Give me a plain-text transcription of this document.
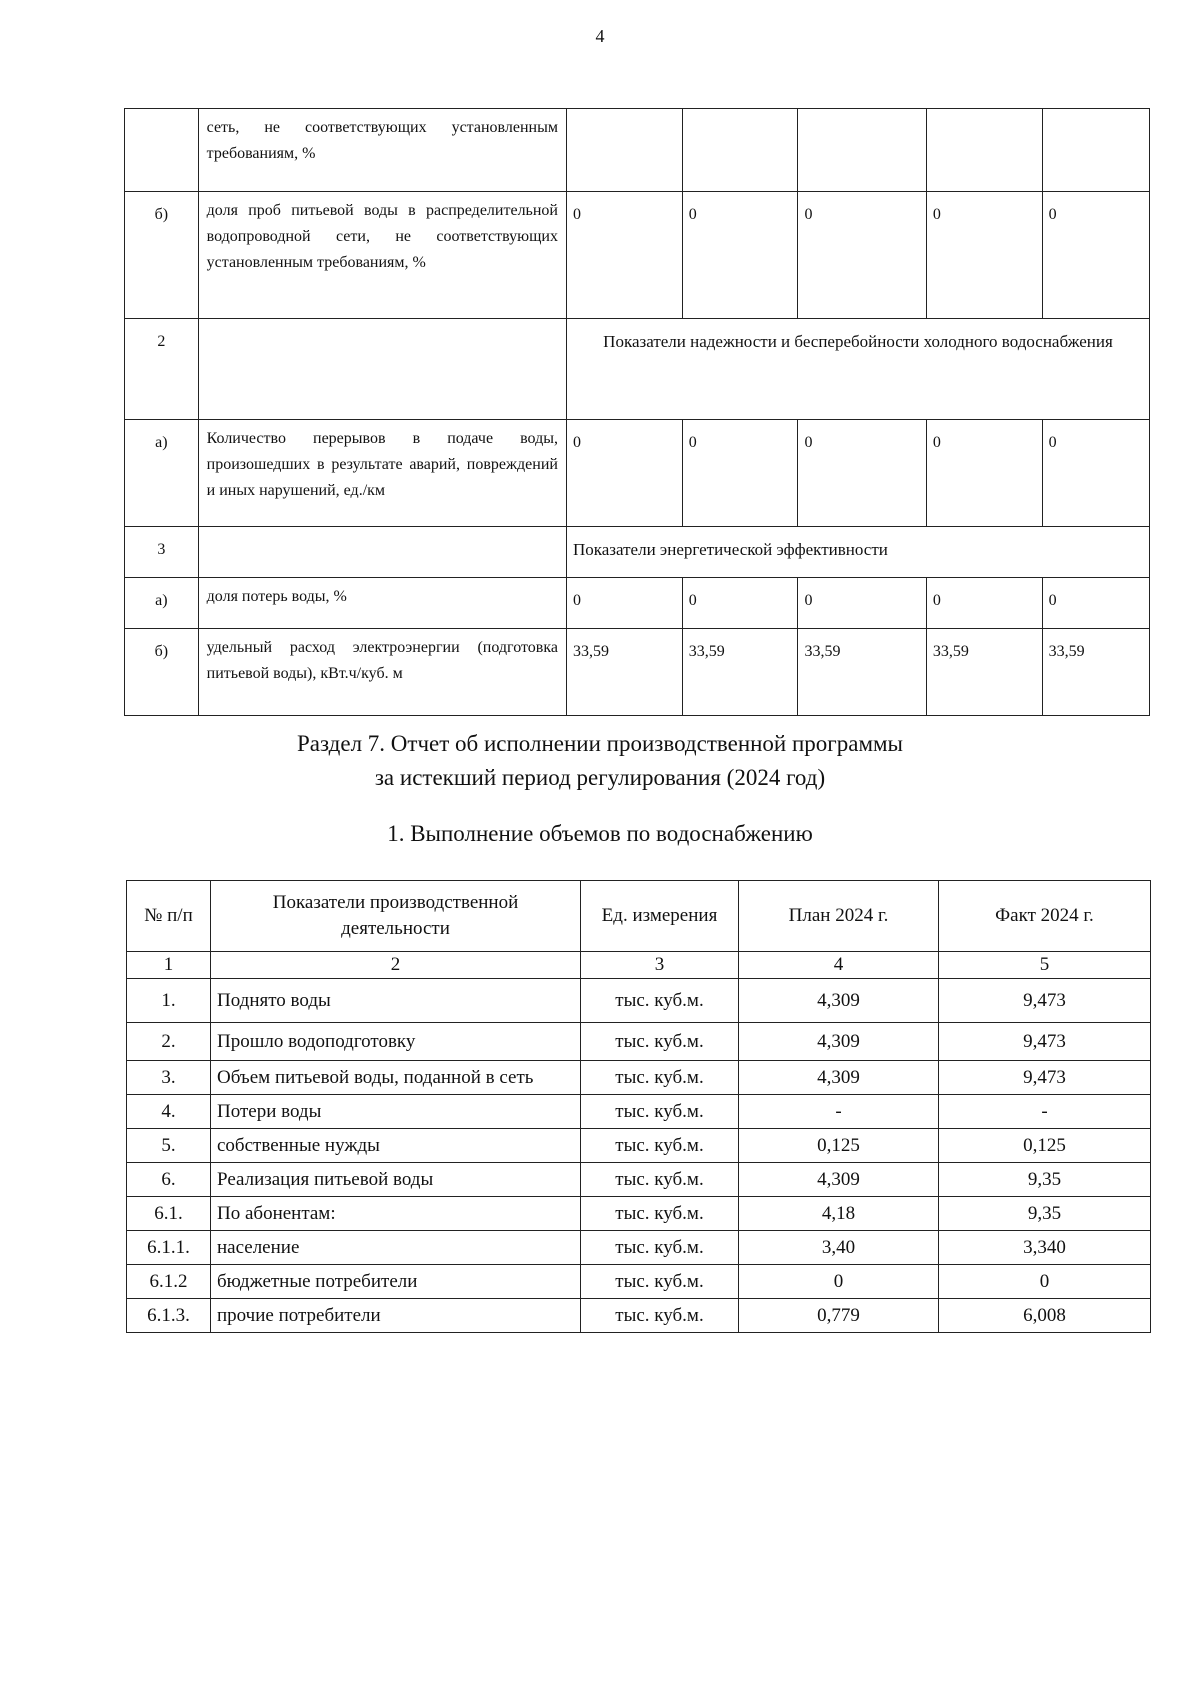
4
	сеть, не соответствующих установленным требованиям, %					
б)	доля проб питьевой воды в распределительной водопроводной сети, не соответствующих установленным требованиям, %	0	0	0	0	0
2		Показатели надежности и бесперебойности холодного водоснабжения				
а)	Количество перерывов в подаче воды, произошедших в результате аварий, повреждений и иных нарушений, ед./км	0	0	0	0	0
3		Показатели энергетической эффективности				
а)	доля потерь воды, %	0	0	0	0	0
б)	удельный расход электроэнергии (подготовка питьевой воды), кВт.ч/куб. м	33,59	33,59	33,59	33,59	33,59
Раздел 7. Отчет об исполнении производственной программы
за истекший период регулирования (2024 год)
1. Выполнение объемов по водоснабжению
№ п/п	Показатели производственной деятельности	Ед. измерения	План 2024 г.	Факт 2024 г.
1	2	3	4	5
1.	Поднято воды	тыс. куб.м.	4,309	9,473
2.	Прошло водоподготовку	тыс. куб.м.	4,309	9,473
3.	Объем питьевой воды, поданной в сеть	тыс. куб.м.	4,309	9,473
4.	Потери воды	тыс. куб.м.	-	-
5.	собственные нужды	тыс. куб.м.	0,125	0,125
6.	Реализация питьевой воды	тыс. куб.м.	4,309	9,35
6.1.	По абонентам:	тыс. куб.м.	4,18	9,35
6.1.1.	население	тыс. куб.м.	3,40	3,340
6.1.2	бюджетные потребители	тыс. куб.м.	0	0
6.1.3.	прочие потребители	тыс. куб.м.	0,779	6,008
